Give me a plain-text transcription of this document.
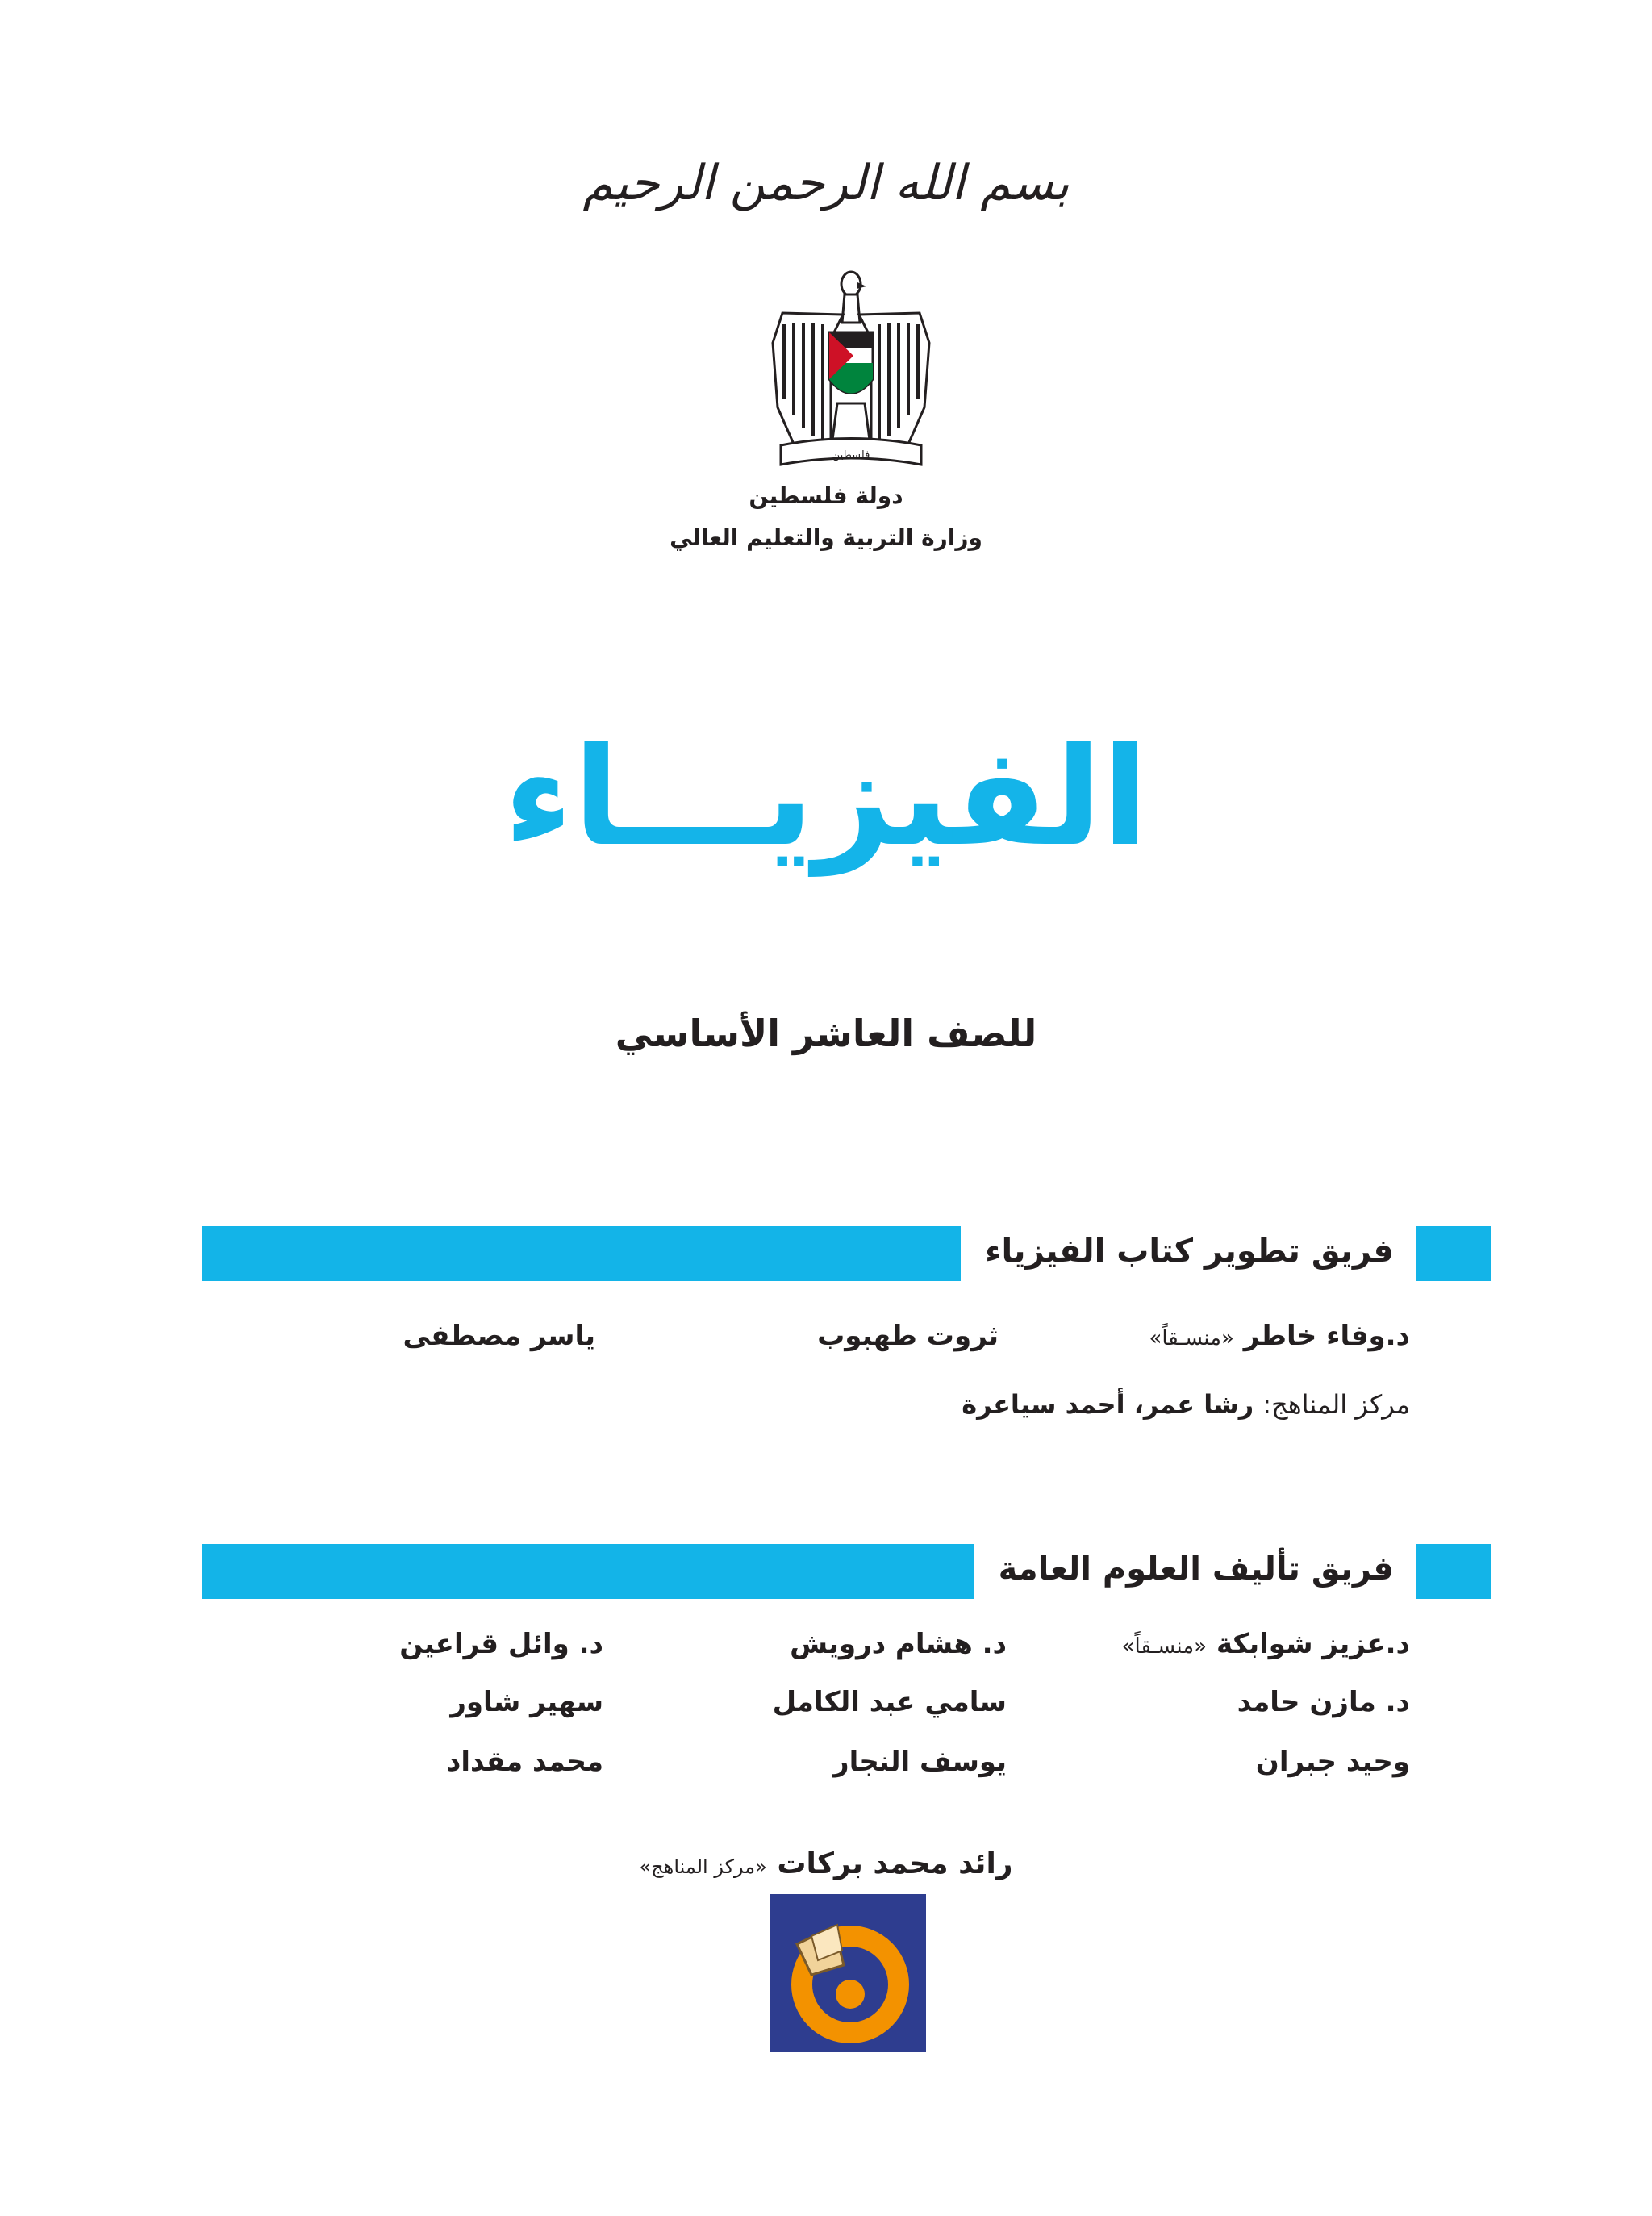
بسم الله الرحمن الرحيم
فلسطين
دولة فلسطين
وزارة التربية والتعليم العالي
الفيزيـــاء
للصف العاشر الأساسي
فريق تطوير كتاب الفيزياء
د.وفاء خاطر «منسـقاً»
ثروت طهبوب
ياسر مصطفى
مركز المناهج: رشا عمر، أحمد سياعرة
فريق تأليف العلوم العامة
د.عزيز شوابكة «منسـقاً»
د. هشام درويش
د. وائل قراعين
د. مازن حامد
سامي عبد الكامل
سهير شاور
وحيد جبران
يوسف النجار
محمد مقداد
رائد محمد بركات «مركز المناهج»
